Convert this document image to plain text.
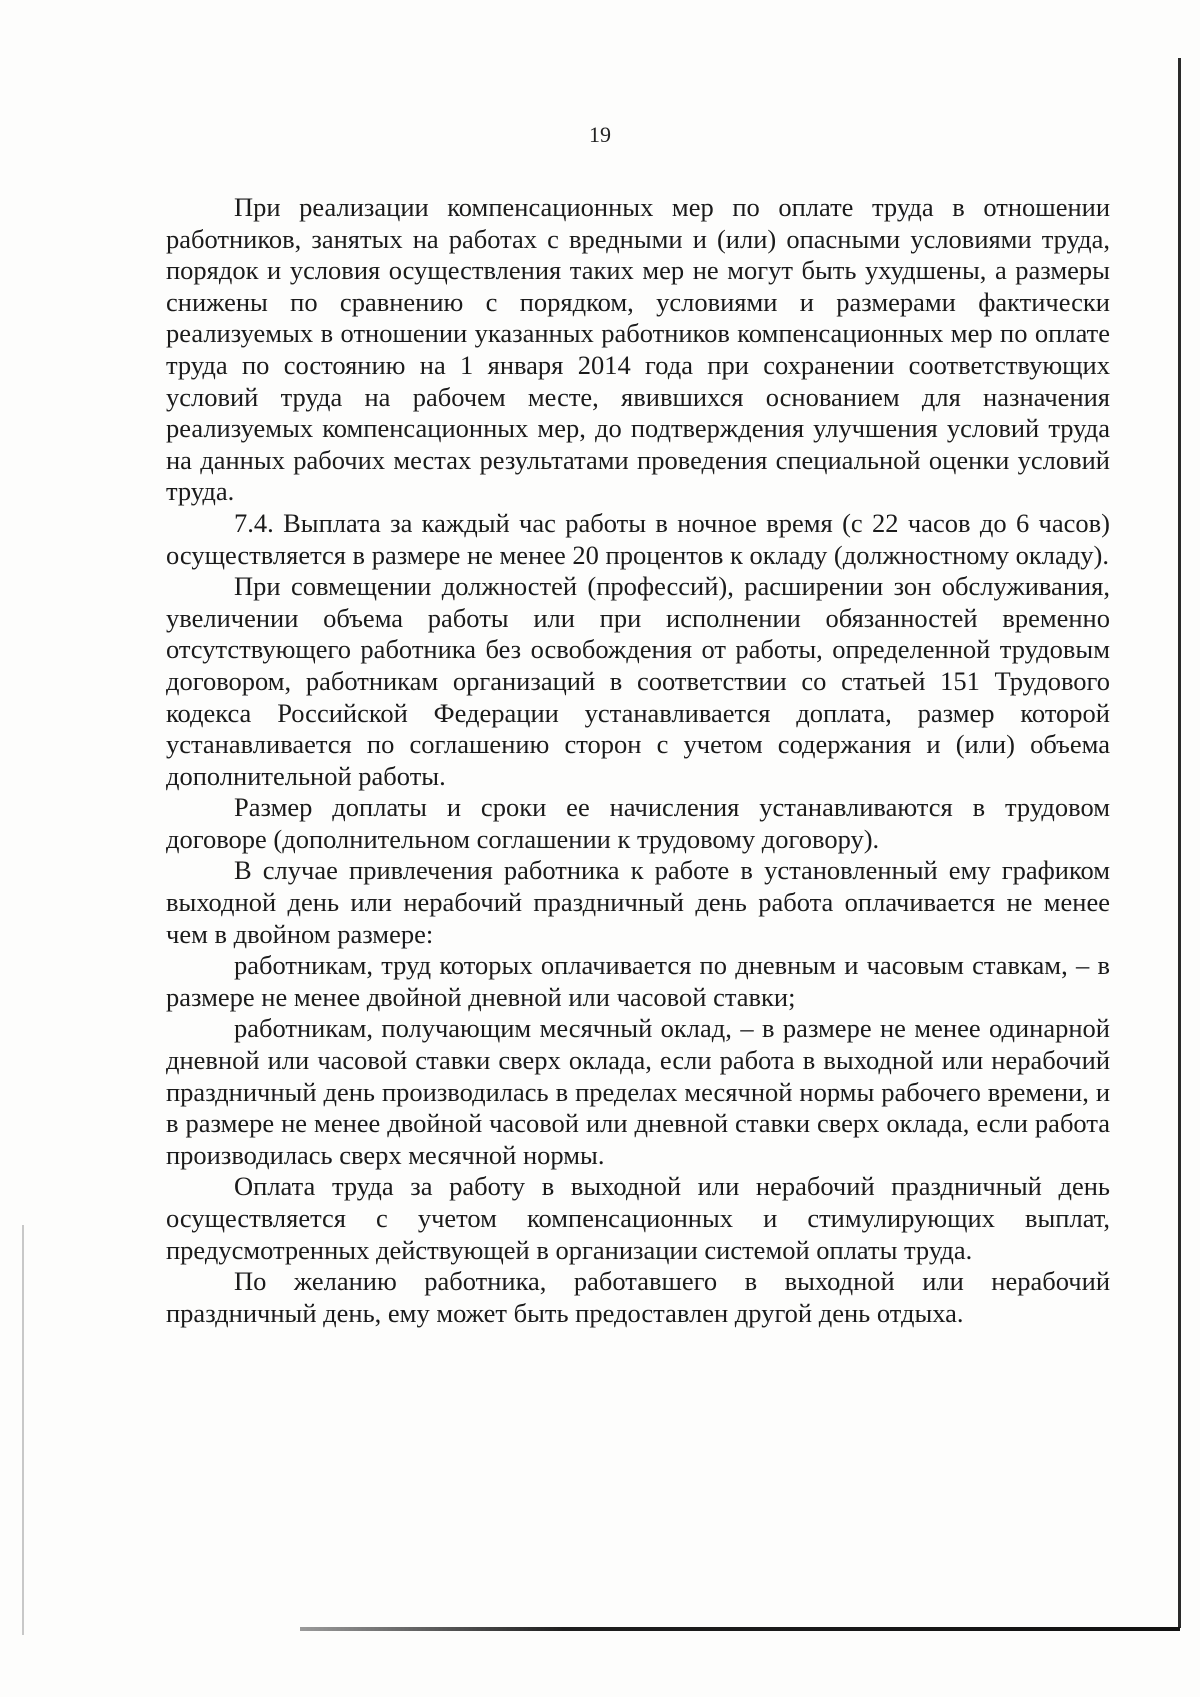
19

При реализации компенсационных мер по оплате труда в отношении работников, занятых на работах с вредными и (или) опасными условиями труда, порядок и условия осуществления таких мер не могут быть ухудшены, а размеры снижены по сравнению с порядком, условиями и размерами фактически реализуемых в отношении указанных работников компенсационных мер по оплате труда по состоянию на 1 января 2014 года при сохранении соответствующих условий труда на рабочем месте, явившихся основанием для назначения реализуемых компенсационных мер, до подтверждения улучшения условий труда на данных рабочих местах результатами проведения специальной оценки условий труда.

7.4. Выплата за каждый час работы в ночное время (с 22 часов до 6 часов) осуществляется в размере не менее 20 процентов к окладу (должностному окладу).

При совмещении должностей (профессий), расширении зон обслуживания, увеличении объема работы или при исполнении обязанностей временно отсутствующего работника без освобождения от работы, определенной трудовым договором, работникам организаций в соответствии со статьей 151 Трудового кодекса Российской Федерации устанавливается доплата, размер которой устанавливается по соглашению сторон с учетом содержания и (или) объема дополнительной работы.

Размер доплаты и сроки ее начисления устанавливаются в трудовом договоре (дополнительном соглашении к трудовому договору).

В случае привлечения работника к работе в установленный ему графиком выходной день или нерабочий праздничный день работа оплачивается не менее чем в двойном размере:

работникам, труд которых оплачивается по дневным и часовым ставкам, – в размере не менее двойной дневной или часовой ставки;

работникам, получающим месячный оклад, – в размере не менее одинарной дневной или часовой ставки сверх оклада, если работа в выходной или нерабочий праздничный день производилась в пределах месячной нормы рабочего времени, и в размере не менее двойной часовой или дневной ставки сверх оклада, если работа производилась сверх месячной нормы.

Оплата труда за работу в выходной или нерабочий праздничный день осуществляется с учетом компенсационных и стимулирующих выплат, предусмотренных действующей в организации системой оплаты труда.

По желанию работника, работавшего в выходной или нерабочий праздничный день, ему может быть предоставлен другой день отдыха.
